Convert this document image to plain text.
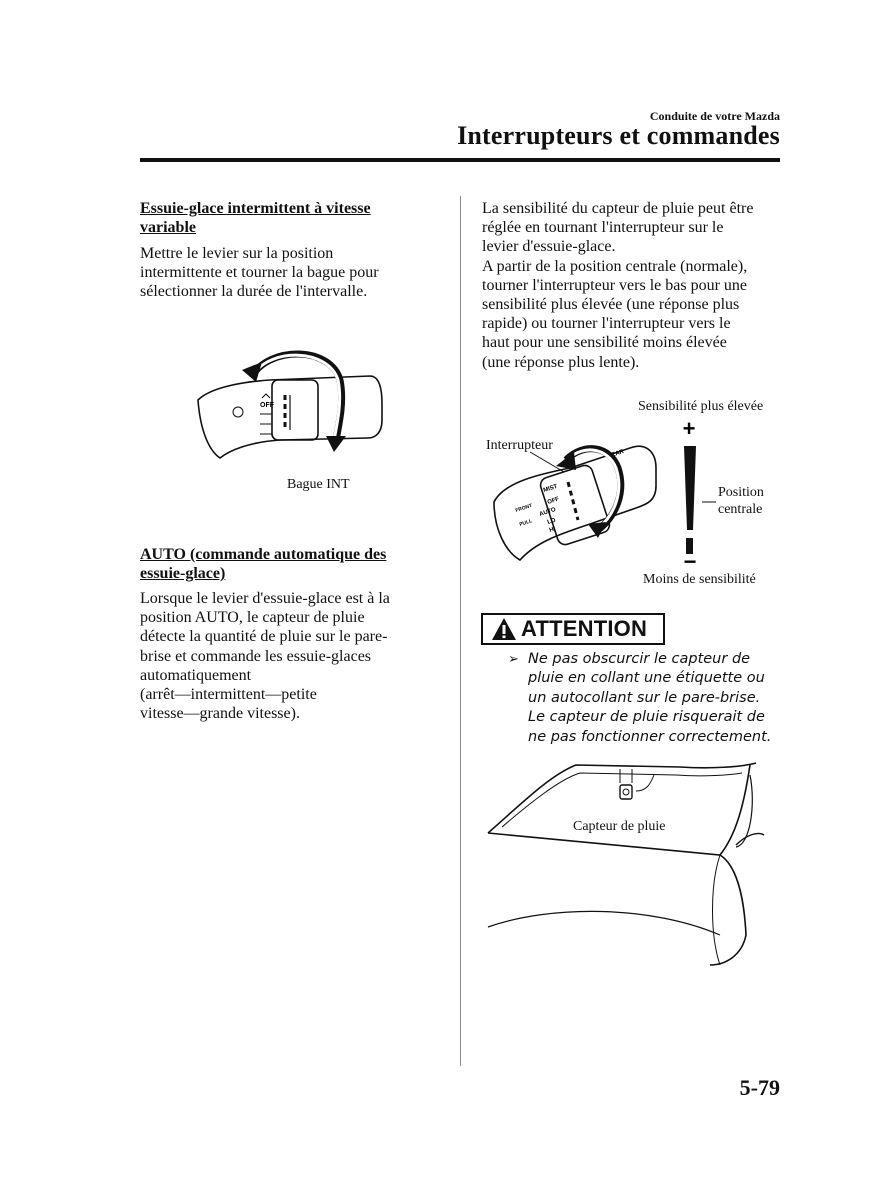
Conduite de votre Mazda
Interrupteurs et commandes
Essuie-glace intermittent à vitesse
variable
Mettre le levier sur la position
intermittente et tourner la bague pour
sélectionner la durée de l'intervalle.
OFF
Bague INT
AUTO (commande automatique des
essuie-glace)
Lorsque le levier d'essuie-glace est à la
position AUTO, le capteur de pluie
détecte la quantité de pluie sur le pare-
brise et commande les essuie-glaces
automatiquement
(arrêt—intermittent—petite
vitesse—grande vitesse).
La sensibilité du capteur de pluie peut être
réglée en tournant l'interrupteur sur le
levier d'essuie-glace.
A partir de la position centrale (normale),
tourner l'interrupteur vers le bas pour une
sensibilité plus élevée (une réponse plus
rapide) ou tourner l'interrupteur vers le
haut pour une sensibilité moins élevée
(une réponse plus lente).
Sensibilité plus élevée
Interrupteur
Position
centrale
Moins de sensibilité
+
−
REAR
MIST
OFF
AUTO
LO
HI
FRONT
PULL
ATTENTION
➢ Ne pas obscurcir le capteur de
pluie en collant une étiquette ou
un autocollant sur le pare-brise.
Le capteur de pluie risquerait de
ne pas fonctionner correctement.
Capteur de pluie
5-79
